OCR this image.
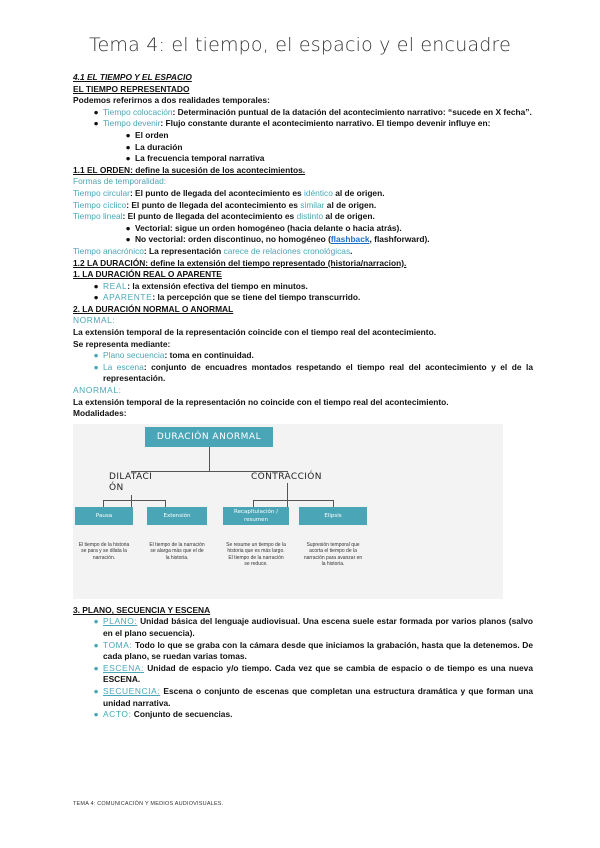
Tema 4: el tiempo, el espacio y el encuadre
4.1 EL TIEMPO Y EL ESPACIO
EL TIEMPO REPRESENTADO
Podemos referirnos a dos realidades temporales:
● Tiempo colocación: Determinación puntual de la datación del acontecimiento narrativo: “sucede en X fecha”.
● Tiempo devenir: Flujo constante durante el acontecimiento narrativo. El tiempo devenir influye en:
● El orden
● La duración
● La frecuencia temporal narrativa
1.1 EL ORDEN: define la sucesión de los acontecimientos.
Formas de temporalidad:
Tiempo circular: El punto de llegada del acontecimiento es idéntico al de origen.
Tiempo cíclico: El punto de llegada del acontecimiento es similar al de origen.
Tiempo lineal: El punto de llegada del acontecimiento es distinto al de origen.
● Vectorial: sigue un orden homogéneo (hacia delante o hacia atrás).
● No vectorial: orden discontinuo, no homogéneo (flashback, flashforward).
Tiempo anacrónico: La representación carece de relaciones cronológicas.
1.2 LA DURACIÓN: define la extensión del tiempo representado (historia/narracion).
1. LA DURACIÓN REAL O APARENTE
● REAL: la extensión efectiva del tiempo en minutos.
● APARENTE: la percepción que se tiene del tiempo transcurrido.
2. LA DURACIÓN NORMAL O ANORMAL
NORMAL:
La extensión temporal de la representación coincide con el tiempo real del acontecimiento.
Se representa mediante:
● Plano secuencia: toma en continuidad.
● La escena: conjunto de encuadres montados respetando el tiempo real del acontecimiento y el de la representación.
ANORMAL:
La extensión temporal de la representación no coincide con el tiempo real del acontecimiento.
Modalidades:
DURACIÓN ANORMAL
DILATACIÓN
CONTRACCIÓN
Pausa	Extensión
Recapitulación / resumen
Elipsis
El tiempo de la historia se para y se dilata la narración.
El tiempo de la narración se alarga más que el de la historia.
Se resume un tiempo de la historia que es más largo. El tiempo de la narración se reduce.
Supresión temporal que acorta el tiempo de la narración para avanzar en la historia.
3. PLANO, SECUENCIA Y ESCENA
● PLANO: Unidad básica del lenguaje audiovisual. Una escena suele estar formada por varios planos (salvo en el plano secuencia).
● TOMA: Todo lo que se graba con la cámara desde que iniciamos la grabación, hasta que la detenemos. De cada plano, se ruedan varias tomas.
● ESCENA: Unidad de espacio y/o tiempo. Cada vez que se cambia de espacio o de tiempo es una nueva ESCENA.
● SECUENCIA: Escena o conjunto de escenas que completan una estructura dramática y que forman una unidad narrativa.
● ACTO: Conjunto de secuencias.
TEMA 4: COMUNICACIÓN Y MEDIOS AUDIOVISUALES.
